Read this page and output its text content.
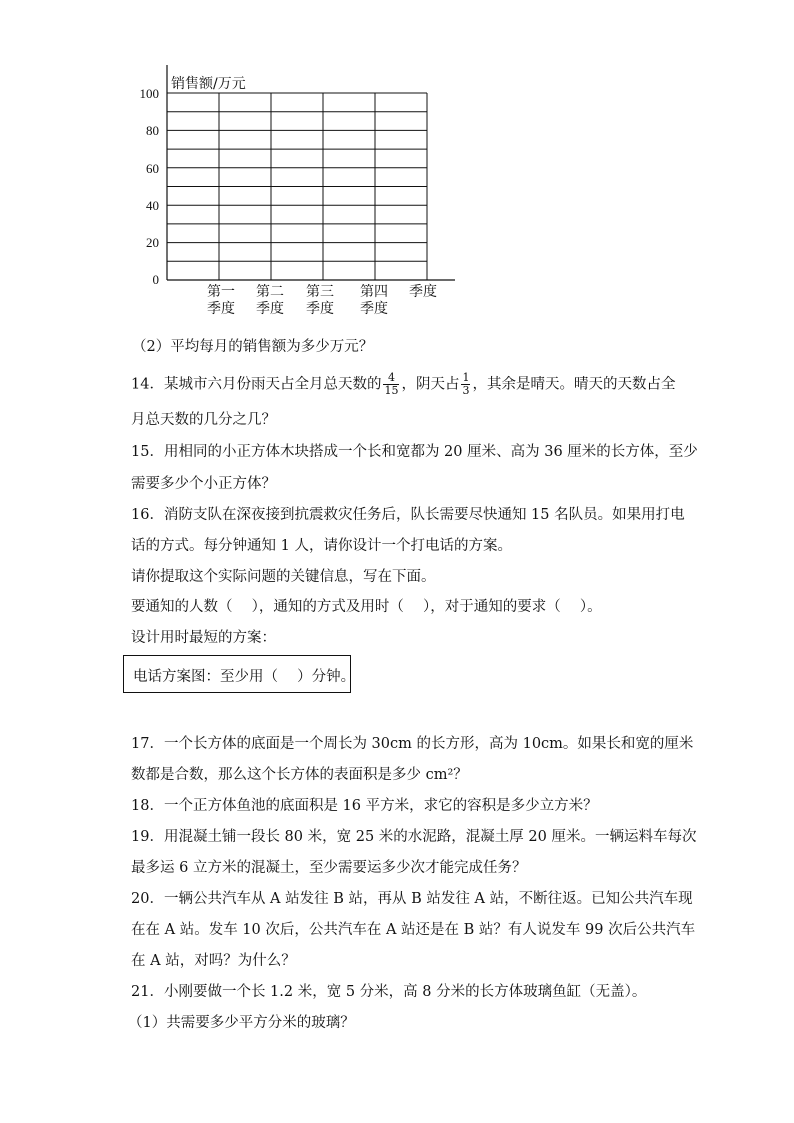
销售额/万元
100
80
60
40
20
0
第一
季度
第二
季度
第三
季度
第四
季度
季度
（2）平均每月的销售额为多少万元？
14．某城市六月份雨天占全月总天数的 $\frac{4}{15}$ ，阴天占 $\frac{1}{3}$ ，其余是晴天。晴天的天数占全
月总天数的几分之几？
15．用相同的小正方体木块搭成一个长和宽都为 20 厘米、高为 36 厘米的长方体，至少
需要多少个小正方体？
16．消防支队在深夜接到抗震救灾任务后，队长需要尽快通知 15 名队员。如果用打电
话的方式。每分钟通知 1 人，请你设计一个打电话的方案。
请你提取这个实际问题的关键信息，写在下面。
要通知的人数（　 ），通知的方式及用时（　 ），对于通知的要求（　 ）。
设计用时最短的方案：
电话方案图：至少用（　 ）分钟。
17．一个长方体的底面是一个周长为 30cm 的长方形，高为 10cm。如果长和宽的厘米
数都是合数，那么这个长方体的表面积是多少 cm²？
18．一个正方体鱼池的底面积是 16 平方米，求它的容积是多少立方米？
19．用混凝土铺一段长 80 米，宽 25 米的水泥路，混凝土厚 20 厘米。一辆运料车每次
最多运 6 立方米的混凝土，至少需要运多少次才能完成任务？
20．一辆公共汽车从 A 站发往 B 站，再从 B 站发往 A 站，不断往返。已知公共汽车现
在在 A 站。发车 10 次后，公共汽车在 A 站还是在 B 站？有人说发车 99 次后公共汽车
在 A 站，对吗？为什么？
21．小刚要做一个长 1.2 米，宽 5 分米，高 8 分米的长方体玻璃鱼缸（无盖）。
（1）共需要多少平方分米的玻璃？
